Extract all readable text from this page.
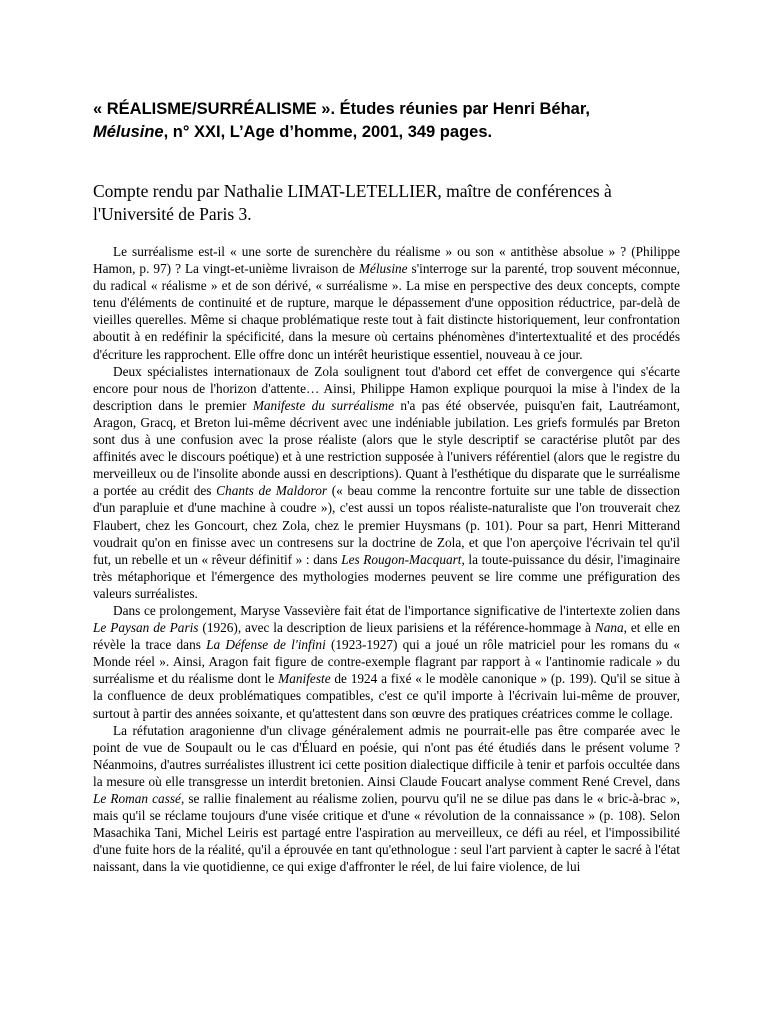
« RÉALISME/SURRÉALISME ». Études réunies par Henri Béhar,
Mélusine, n° XXI, L’Age d’homme, 2001, 349 pages.

Compte rendu par Nathalie LIMAT-LETELLIER, maître de conférences à l'Université de Paris 3.

Le surréalisme est-il « une sorte de surenchère du réalisme » ou son « antithèse absolue » ? (Philippe Hamon, p. 97) ? La vingt-et-unième livraison de Mélusine s'interroge sur la parenté, trop souvent méconnue, du radical « réalisme » et de son dérivé, « surréalisme ». La mise en perspective des deux concepts, compte tenu d'éléments de continuité et de rupture, marque le dépassement d'une opposition réductrice, par-delà de vieilles querelles. Même si chaque problématique reste tout à fait distincte historiquement, leur confrontation aboutit à en redéfinir la spécificité, dans la mesure où certains phénomènes d'intertextualité et des procédés d'écriture les rapprochent. Elle offre donc un intérêt heuristique essentiel, nouveau à ce jour.

Deux spécialistes internationaux de Zola soulignent tout d'abord cet effet de convergence qui s'écarte encore pour nous de l'horizon d'attente… Ainsi, Philippe Hamon explique pourquoi la mise à l'index de la description dans le premier Manifeste du surréalisme n'a pas été observée, puisqu'en fait, Lautréamont, Aragon, Gracq, et Breton lui-même décrivent avec une indéniable jubilation. Les griefs formulés par Breton sont dus à une confusion avec la prose réaliste (alors que le style descriptif se caractérise plutôt par des affinités avec le discours poétique) et à une restriction supposée à l'univers référentiel (alors que le registre du merveilleux ou de l'insolite abonde aussi en descriptions). Quant à l'esthétique du disparate que le surréalisme a portée au crédit des Chants de Maldoror (« beau comme la rencontre fortuite sur une table de dissection d'un parapluie et d'une machine à coudre »), c'est aussi un topos réaliste-naturaliste que l'on trouverait chez Flaubert, chez les Goncourt, chez Zola, chez le premier Huysmans (p. 101). Pour sa part, Henri Mitterand voudrait qu'on en finisse avec un contresens sur la doctrine de Zola, et que l'on aperçoive l'écrivain tel qu'il fut, un rebelle et un « rêveur définitif » : dans Les Rougon-Macquart, la toute-puissance du désir, l'imaginaire très métaphorique et l'émergence des mythologies modernes peuvent se lire comme une préfiguration des valeurs surréalistes.

Dans ce prolongement, Maryse Vassevière fait état de l'importance significative de l'intertexte zolien dans Le Paysan de Paris (1926), avec la description de lieux parisiens et la référence-hommage à Nana, et elle en révèle la trace dans La Défense de l'infini (1923-1927) qui a joué un rôle matriciel pour les romans du « Monde réel ». Ainsi, Aragon fait figure de contre-exemple flagrant par rapport à « l'antinomie radicale » du surréalisme et du réalisme dont le Manifeste de 1924 a fixé « le modèle canonique » (p. 199). Qu'il se situe à la confluence de deux problématiques compatibles, c'est ce qu'il importe à l'écrivain lui-même de prouver, surtout à partir des années soixante, et qu'attestent dans son œuvre des pratiques créatrices comme le collage.

La réfutation aragonienne d'un clivage généralement admis ne pourrait-elle pas être comparée avec le point de vue de Soupault ou le cas d'Éluard en poésie, qui n'ont pas été étudiés dans le présent volume ? Néanmoins, d'autres surréalistes illustrent ici cette position dialectique difficile à tenir et parfois occultée dans la mesure où elle transgresse un interdit bretonien. Ainsi Claude Foucart analyse comment René Crevel, dans Le Roman cassé, se rallie finalement au réalisme zolien, pourvu qu'il ne se dilue pas dans le « bric-à-brac », mais qu'il se réclame toujours d'une visée critique et d'une « révolution de la connaissance » (p. 108). Selon Masachika Tani, Michel Leiris est partagé entre l'aspiration au merveilleux, ce défi au réel, et l'impossibilité d'une fuite hors de la réalité, qu'il a éprouvée en tant qu'ethnologue : seul l'art parvient à capter le sacré à l'état naissant, dans la vie quotidienne, ce qui exige d'affronter le réel, de lui faire violence, de lui
